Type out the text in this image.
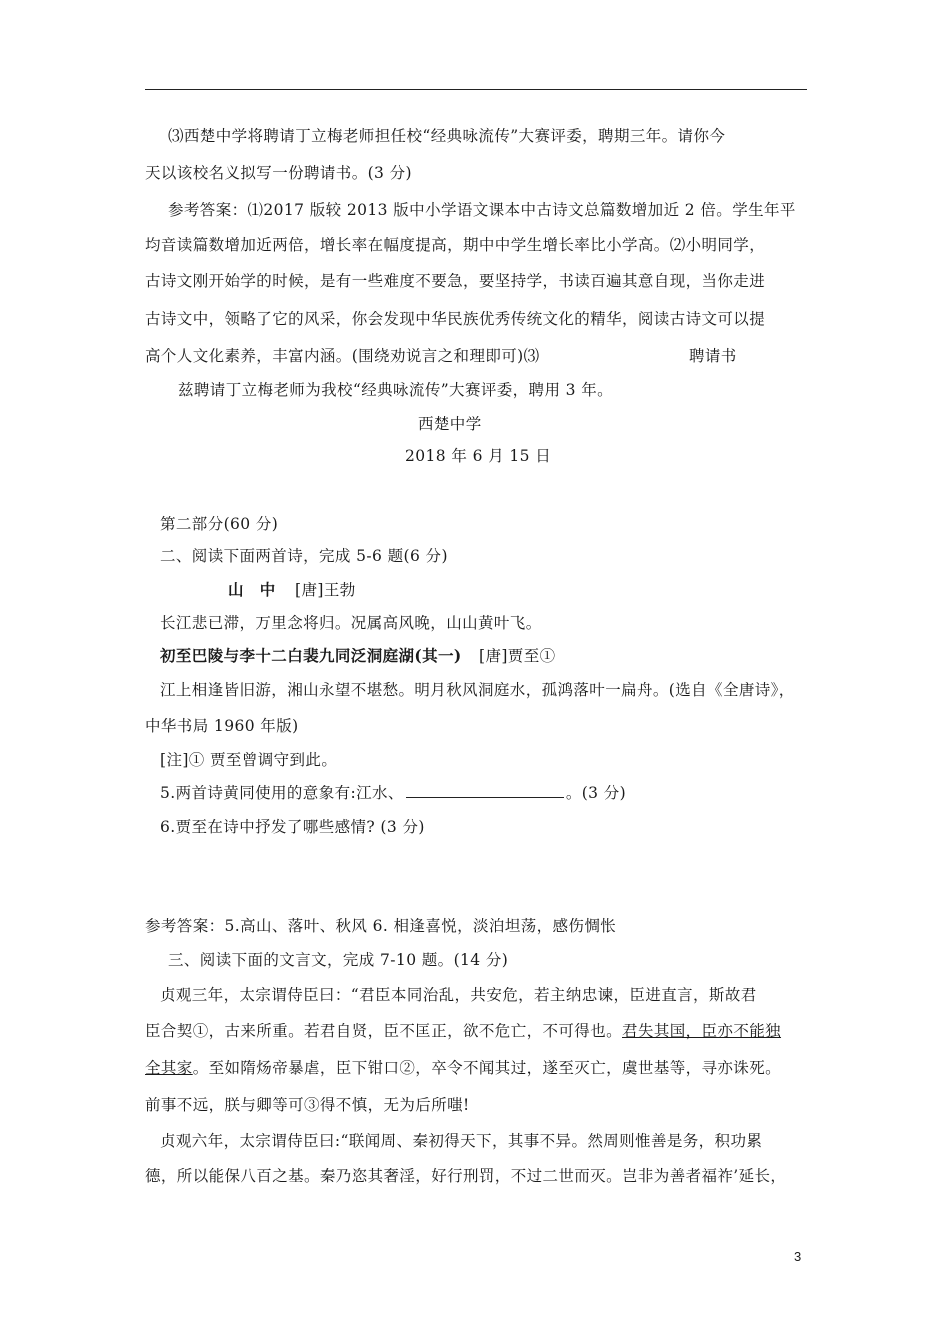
⑶西楚中学将聘请丁立梅老师担任校“经典咏流传”大赛评委，聘期三年。请你今
天以该校名义拟写一份聘请书。(3 分)
参考答案：⑴2017 版较 2013 版中小学语文课本中古诗文总篇数增加近 2 倍。学生年平
均音读篇数增加近两倍，增长率在幅度提高，期中中学生增长率比小学高。⑵小明同学，
古诗文刚开始学的时候，是有一些难度不要急，要坚持学，书读百遍其意自现，当你走进
古诗文中，领略了它的风采，你会发现中华民族优秀传统文化的精华，阅读古诗文可以提
高个人文化素养，丰富内涵。(围绕劝说言之和理即可)⑶	聘请书
兹聘请丁立梅老师为我校“经典咏流传”大赛评委，聘用 3 年。
西楚中学
2018 年 6 月 15 日
第二部分(60 分)
二、阅读下面两首诗，完成 5-6 题(6 分)
山　中 [唐]王勃
长江悲已滞，万里念将归。况属高风晚，山山黄叶飞。
初至巴陵与李十二白裴九同泛洞庭湖(其一) [唐]贾至①
江上相逢皆旧游，湘山永望不堪愁。明月秋风洞庭水，孤鸿落叶一扁舟。(选自《全唐诗》，
中华书局 1960 年版)
[注]① 贾至曾调守到此。
5.两首诗黄同使用的意象有:江水、	。(3 分)
6.贾至在诗中抒发了哪些感情? (3 分)
参考答案：5.高山、落叶、秋风 6. 相逢喜悦，淡泊坦荡，感伤惆怅
三、阅读下面的文言文，完成 7-10 题。(14 分)
贞观三年，太宗谓侍臣曰：“君臣本同治乱，共安危，若主纳忠谏，臣进直言，斯故君
臣合契①，古来所重。若君自贤，臣不匡正，欲不危亡，不可得也。君失其国，臣亦不能独
全其家。至如隋炀帝暴虐，臣下钳口②，卒令不闻其过，遂至灭亡，虞世基等，寻亦诛死。
前事不远，朕与卿等可③得不慎，无为后所嗤!
贞观六年，太宗谓侍臣曰:“联闻周、秦初得天下，其事不异。然周则惟善是务，积功累
德，所以能保八百之基。秦乃恣其奢淫，好行刑罚，不过二世而灭。岂非为善者福祚’延长，
3
